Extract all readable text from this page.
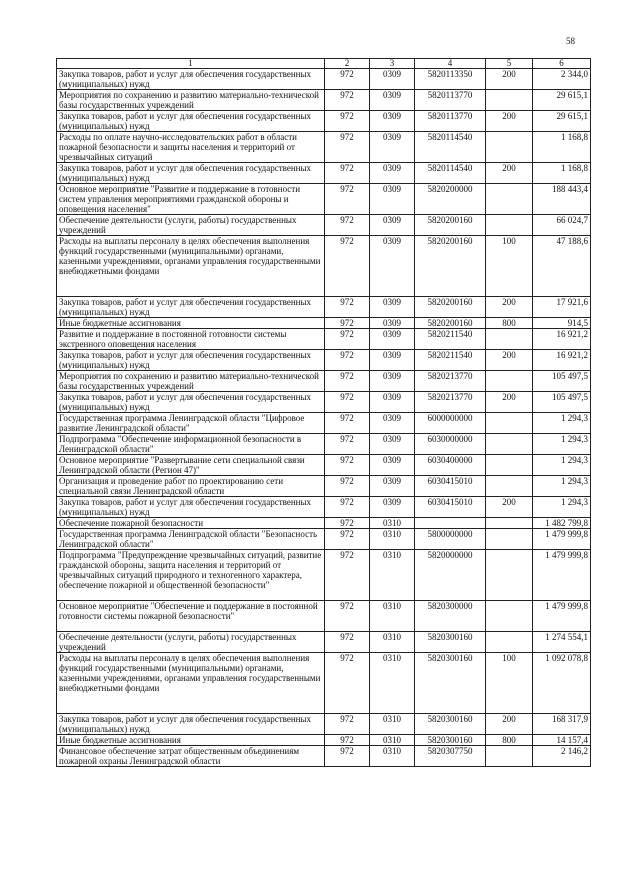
58
1	2	3	4	5	6
Закупка товаров, работ и услуг для обеспечения государственных (муниципальных) нужд	972	0309	5820113350	200	2 344,0
Мероприятия по сохранению и развитию материально-технической базы государственных учреждений	972	0309	5820113770		29 615,1
Закупка товаров, работ и услуг для обеспечения государственных (муниципальных) нужд	972	0309	5820113770	200	29 615,1
Расходы по оплате научно-исследовательских работ в области пожарной безопасности и защиты населения и территорий от чрезвычайных ситуаций	972	0309	5820114540		1 168,8
Закупка товаров, работ и услуг для обеспечения государственных (муниципальных) нужд	972	0309	5820114540	200	1 168,8
Основное мероприятие "Развитие и поддержание в готовности систем управления мероприятиями гражданской обороны и оповещения населения"	972	0309	5820200000		188 443,4
Обеспечение деятельности (услуги, работы) государственных учреждений	972	0309	5820200160		66 024,7
Расходы на выплаты персоналу в целях обеспечения выполнения функций государственными (муниципальными) органами, казенными учреждениями, органами управления государственными внебюджетными фондами	972	0309	5820200160	100	47 188,6
Закупка товаров, работ и услуг для обеспечения государственных (муниципальных) нужд	972	0309	5820200160	200	17 921,6
Иные бюджетные ассигнования	972	0309	5820200160	800	914,5
Развитие и поддержание в постоянной готовности системы экстренного оповещения населения	972	0309	5820211540		16 921,2
Закупка товаров, работ и услуг для обеспечения государственных (муниципальных) нужд	972	0309	5820211540	200	16 921,2
Мероприятия по сохранению и развитию материально-технической базы государственных учреждений	972	0309	5820213770		105 497,5
Закупка товаров, работ и услуг для обеспечения государственных (муниципальных) нужд	972	0309	5820213770	200	105 497,5
Государственная программа Ленинградской области "Цифровое развитие Ленинградской области"	972	0309	6000000000		1 294,3
Подпрограмма "Обеспечение информационной безопасности в Ленинградской области"	972	0309	6030000000		1 294,3
Основное мероприятие "Развертывание сети специальной связи Ленинградской области (Регион 47)"	972	0309	6030400000		1 294,3
Организация и проведение работ по проектированию сети специальной связи Ленинградской области	972	0309	6030415010		1 294,3
Закупка товаров, работ и услуг для обеспечения государственных (муниципальных) нужд	972	0309	6030415010	200	1 294,3
Обеспечение пожарной безопасности	972	0310			1 482 799,8
Государственная программа Ленинградской области "Безопасность Ленинградской области"	972	0310	5800000000		1 479 999,8
Подпрограмма "Предупреждение чрезвычайных ситуаций, развитие гражданской обороны, защита населения и территорий от чрезвычайных ситуаций природного и техногенного характера, обеспечение пожарной и общественной безопасности"	972	0310	5820000000		1 479 999,8
Основное мероприятие "Обеспечение и поддержание в постоянной готовности системы пожарной безопасности"	972	0310	5820300000		1 479 999,8
Обеспечение деятельности (услуги, работы) государственных учреждений	972	0310	5820300160		1 274 554,1
Расходы на выплаты персоналу в целях обеспечения выполнения функций государственными (муниципальными) органами, казенными учреждениями, органами управления государственными внебюджетными фондами	972	0310	5820300160	100	1 092 078,8
Закупка товаров, работ и услуг для обеспечения государственных (муниципальных) нужд	972	0310	5820300160	200	168 317,9
Иные бюджетные ассигнования	972	0310	5820300160	800	14 157,4
Финансовое обеспечение затрат общественным объединениям пожарной охраны Ленинградской области	972	0310	5820307750		2 146,2
